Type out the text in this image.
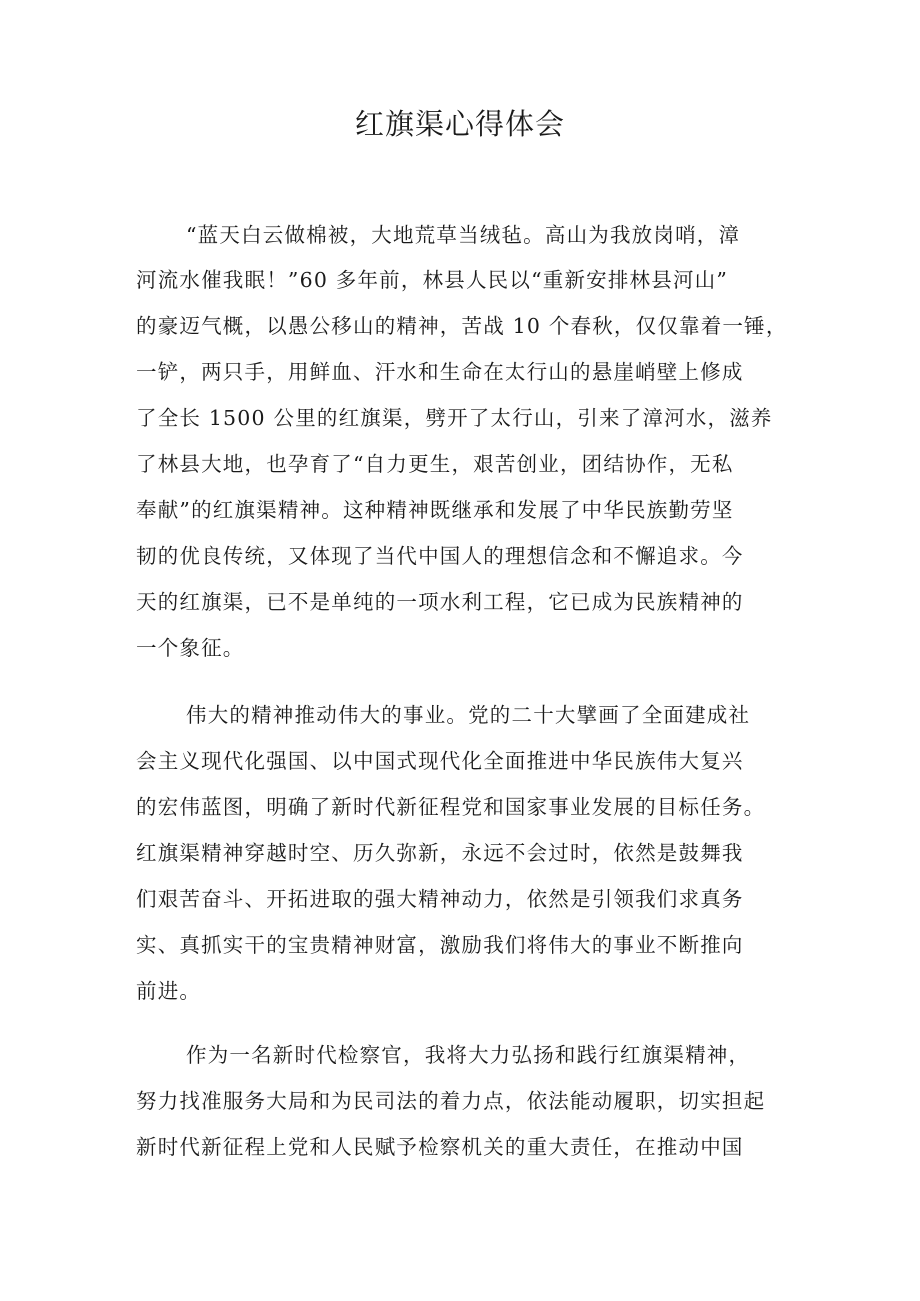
红旗渠心得体会
“蓝天白云做棉被，大地荒草当绒毡。高山为我放岗哨，漳
河流水催我眠！”60 多年前，林县人民以“重新安排林县河山”
的豪迈气概，以愚公移山的精神，苦战 10 个春秋，仅仅靠着一锤，
一铲，两只手，用鲜血、汗水和生命在太行山的悬崖峭壁上修成
了全长 1500 公里的红旗渠，劈开了太行山，引来了漳河水，滋养
了林县大地，也孕育了“自力更生，艰苦创业，团结协作，无私
奉献”的红旗渠精神。这种精神既继承和发展了中华民族勤劳坚
韧的优良传统，又体现了当代中国人的理想信念和不懈追求。今
天的红旗渠，已不是单纯的一项水利工程，它已成为民族精神的
一个象征。
伟大的精神推动伟大的事业。党的二十大擘画了全面建成社
会主义现代化强国、以中国式现代化全面推进中华民族伟大复兴
的宏伟蓝图，明确了新时代新征程党和国家事业发展的目标任务。
红旗渠精神穿越时空、历久弥新，永远不会过时，依然是鼓舞我
们艰苦奋斗、开拓进取的强大精神动力，依然是引领我们求真务
实、真抓实干的宝贵精神财富，激励我们将伟大的事业不断推向
前进。
作为一名新时代检察官，我将大力弘扬和践行红旗渠精神，
努力找准服务大局和为民司法的着力点，依法能动履职，切实担起
新时代新征程上党和人民赋予检察机关的重大责任，在推动中国
